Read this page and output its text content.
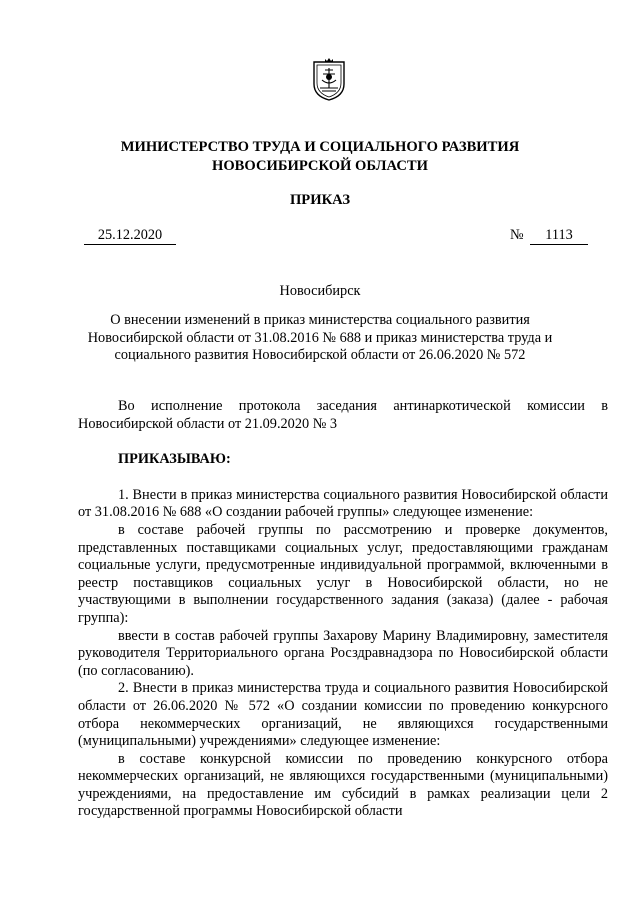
МИНИСТЕРСТВО ТРУДА И СОЦИАЛЬНОГО РАЗВИТИЯ
НОВОСИБИРСКОЙ ОБЛАСТИ
ПРИКАЗ
25.12.2020	№	1113
Новосибирск
О внесении изменений в приказ министерства социального развития Новосибирской области от 31.08.2016 № 688 и приказ министерства труда и социального развития Новосибирской области от 26.06.2020 № 572

Во исполнение протокола заседания антинаркотической комиссии в Новосибирской области от 21.09.2020 № 3

ПРИКАЗЫВАЮ:

1. Внести в приказ министерства социального развития Новосибирской области от 31.08.2016 № 688 «О создании рабочей группы» следующее изменение:

в составе рабочей группы по рассмотрению и проверке документов, представленных поставщиками социальных услуг, предоставляющими гражданам социальные услуги, предусмотренные индивидуальной программой, включенными в реестр поставщиков социальных услуг в Новосибирской области, но не участвующими в выполнении государственного задания (заказа) (далее - рабочая группа):

ввести в состав рабочей группы Захарову Марину Владимировну, заместителя руководителя Территориального органа Росздравнадзора по Новосибирской области (по согласованию).

2. Внести в приказ министерства труда и социального развития Новосибирской области от 26.06.2020 № 572 «О создании комиссии по проведению конкурсного отбора некоммерческих организаций, не являющихся государственными (муниципальными) учреждениями» следующее изменение:

в составе конкурсной комиссии по проведению конкурсного отбора некоммерческих организаций, не являющихся государственными (муниципальными) учреждениями, на предоставление им субсидий в рамках реализации цели 2 государственной программы Новосибирской области
